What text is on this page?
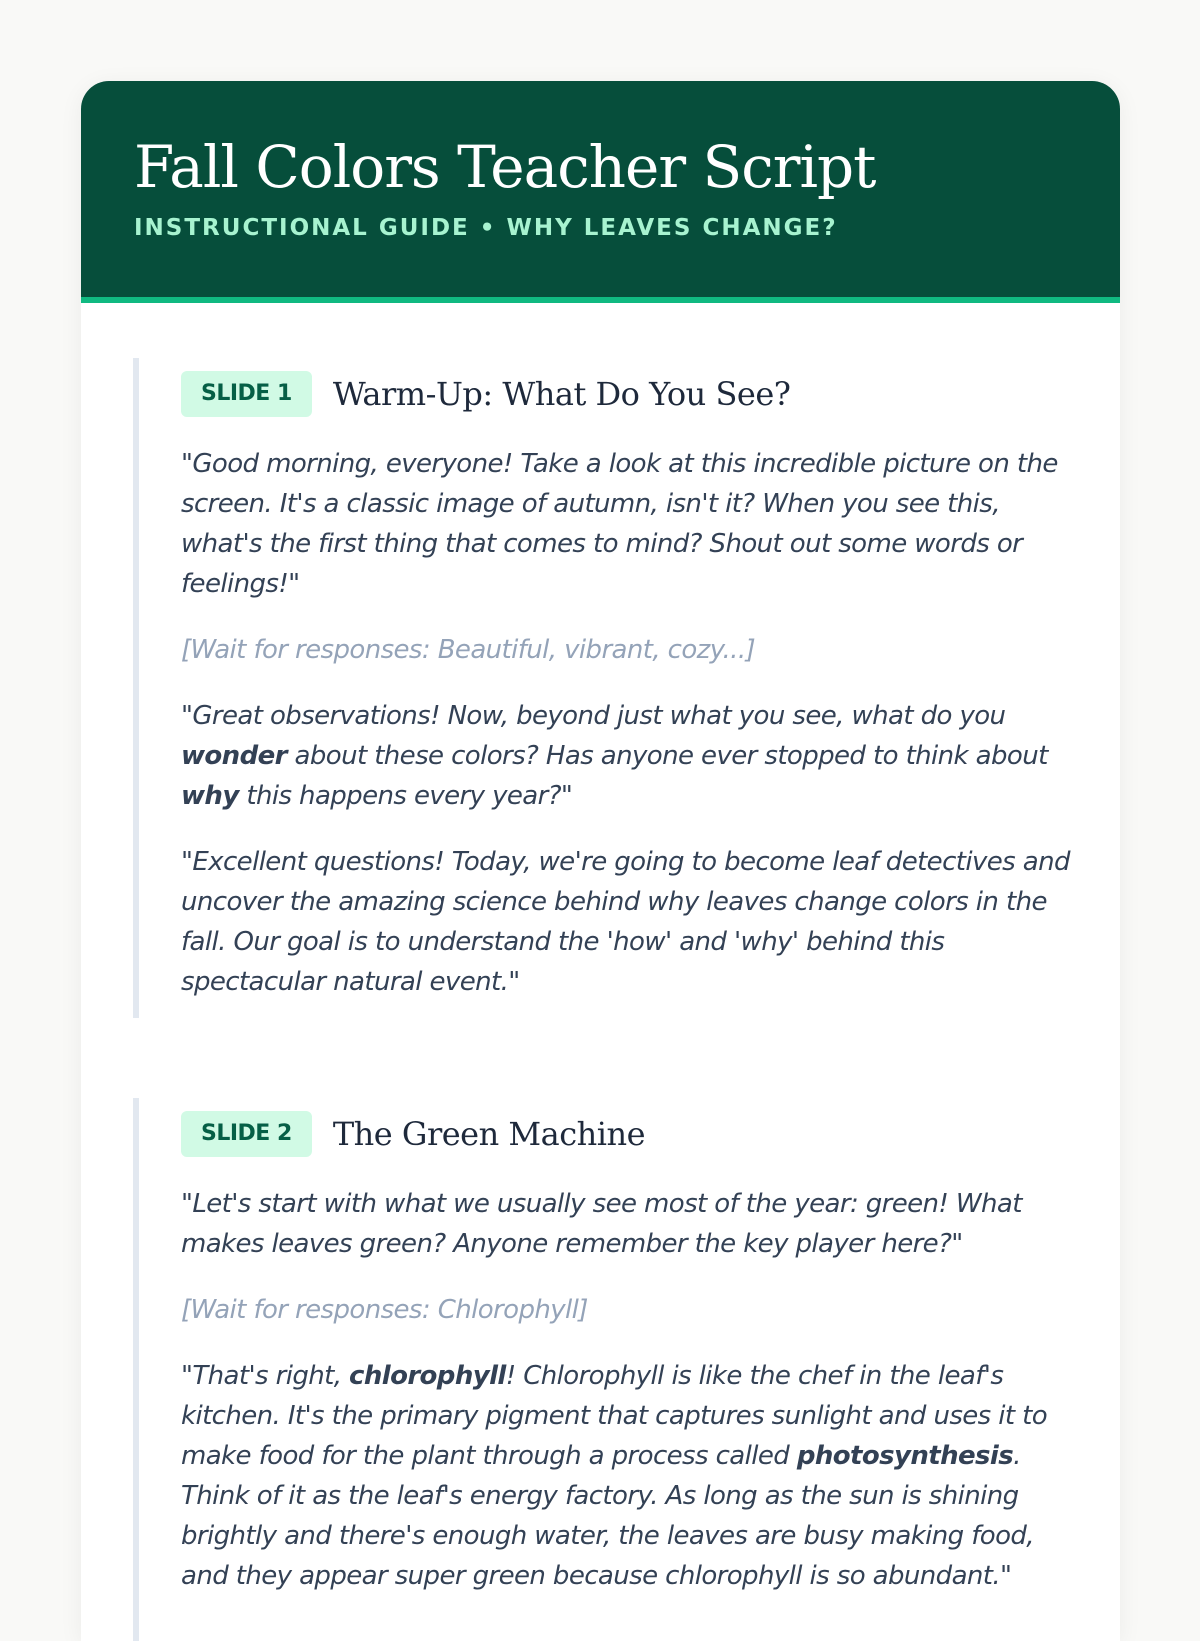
Fall Colors Teacher Script

INSTRUCTIONAL GUIDE • WHY LEAVES CHANGE?

SLIDE 1	Warm-Up: What Do You See?

"Good morning, everyone! Take a look at this incredible picture on the screen. It's a classic image of autumn, isn't it? When you see this, what's the first thing that comes to mind? Shout out some words or feelings!"

[Wait for responses: Beautiful, vibrant, cozy...]

"Great observations! Now, beyond just what you see, what do you wonder about these colors? Has anyone ever stopped to think about why this happens every year?"

"Excellent questions! Today, we're going to become leaf detectives and uncover the amazing science behind why leaves change colors in the fall. Our goal is to understand the 'how' and 'why' behind this spectacular natural event."

SLIDE 2	The Green Machine

"Let's start with what we usually see most of the year: green! What makes leaves green? Anyone remember the key player here?"

[Wait for responses: Chlorophyll]

"That's right, chlorophyll! Chlorophyll is like the chef in the leaf's kitchen. It's the primary pigment that captures sunlight and uses it to make food for the plant through a process called photosynthesis. Think of it as the leaf's energy factory. As long as the sun is shining brightly and there's enough water, the leaves are busy making food, and they appear super green because chlorophyll is so abundant."
